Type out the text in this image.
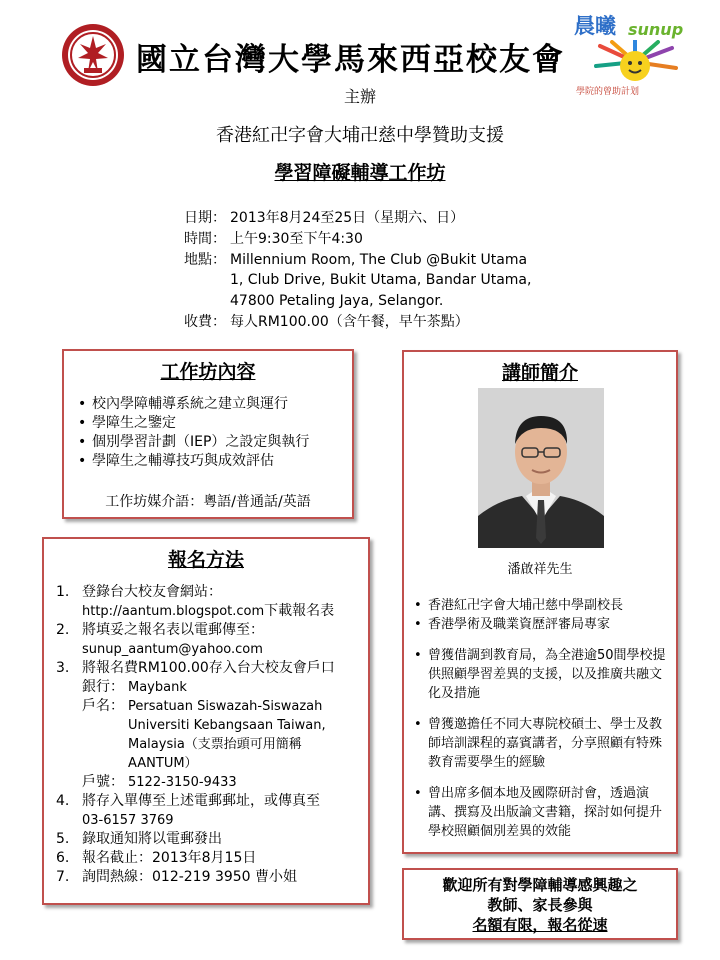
國立台灣大學馬來西亞校友會
晨曦 sunup
學院的曾助計划
主辦
香港紅卍字會大埔卍慈中學贊助支援
學習障礙輔導工作坊
日期： 2013年8月24至25日（星期六、日）
時間： 上午9:30至下午4:30
地點： Millennium Room, The Club @Bukit Utama
1, Club Drive, Bukit Utama, Bandar Utama,
47800 Petaling Jaya, Selangor.
收費： 每人RM100.00（含午餐，早午茶點）
工作坊內容
• 校內學障輔導系統之建立與運行
• 學障生之鑒定
• 個別學習計劃（IEP）之設定與執行
• 學障生之輔導技巧與成效評估
工作坊媒介語：粵語/普通話/英語
講師簡介
潘啟祥先生
• 香港紅卍字會大埔卍慈中學副校長
• 香港學術及職業資歷評審局專家
• 曾獲借調到教育局，為全港逾50間學校提供照顧學習差異的支援，以及推廣共融文化及措施
• 曾獲邀擔任不同大專院校碩士、學士及教師培訓課程的嘉賓講者，分享照顧有特殊教育需要學生的經驗
• 曾出席多個本地及國際研討會，透過演講、撰寫及出版論文書籍，探討如何提升學校照顧個別差異的效能
報名方法
1. 登錄台大校友會網站：
http://aantum.blogspot.com下載報名表
2. 將填妥之報名表以電郵傳至：
sunup_aantum@yahoo.com
3. 將報名費RM100.00存入台大校友會戶口
銀行： Maybank
戶名： Persatuan Siswazah-Siswazah Universiti Kebangsaan Taiwan, Malaysia（支票抬頭可用簡稱 AANTUM）
戶號： 5122-3150-9433
4. 將存入單傳至上述電郵郵址，或傳真至
03-6157 3769
5. 錄取通知將以電郵發出
6. 報名截止：2013年8月15日
7. 詢問熱線：012-219 3950 曹小姐	歡迎所有對學障輔導感興趣之
教師、家長參與
名額有限，報名從速
